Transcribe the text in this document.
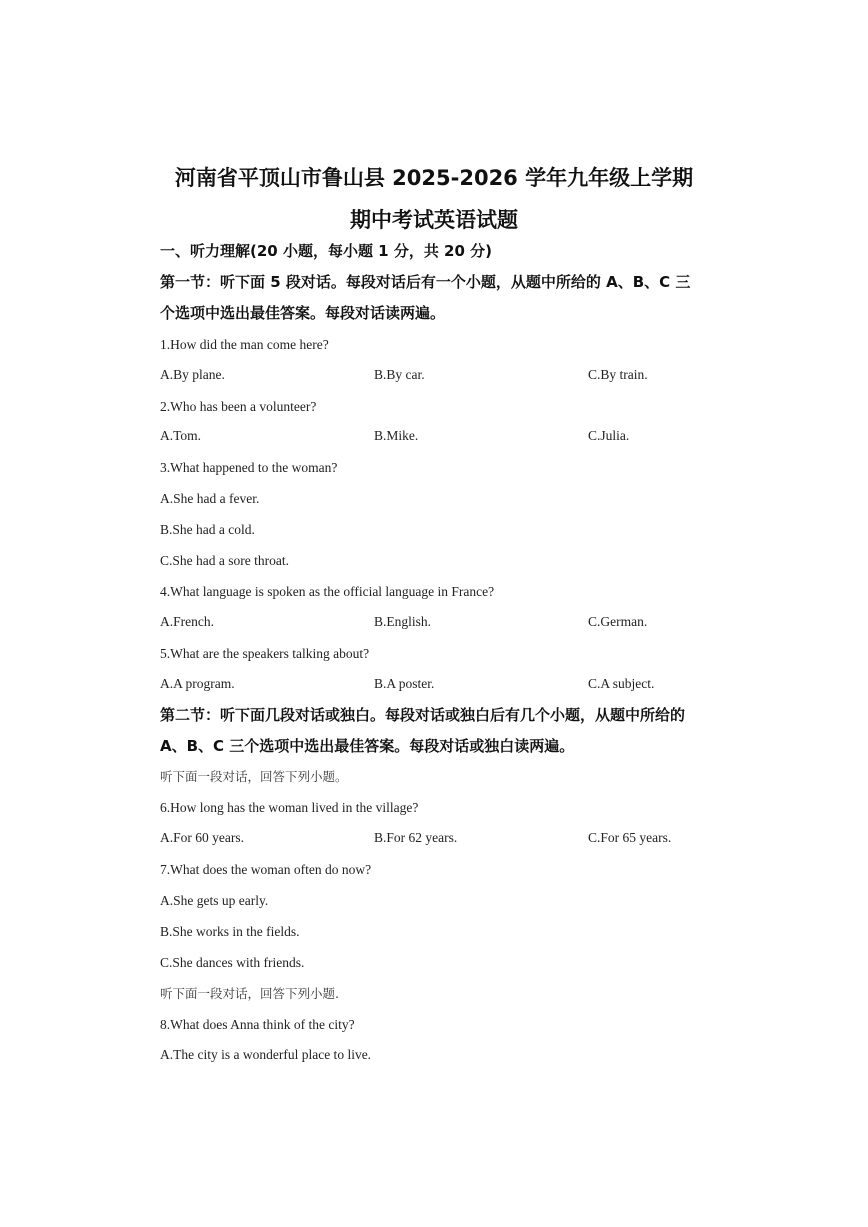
河南省平顶山市鲁山县 2025-2026 学年九年级上学期
期中考试英语试题
一、听力理解(20 小题，每小题 1 分，共 20 分)
第一节：听下面 5 段对话。每段对话后有一个小题，从题中所给的 A、B、C 三
个选项中选出最佳答案。每段对话读两遍。
1.How did the man come here?
A.By plane.	B.By car.	C.By train.
2.Who has been a volunteer?
A.Tom.	B.Mike.	C.Julia.
3.What happened to the woman?
A.She had a fever.
B.She had a cold.
C.She had a sore throat.
4.What language is spoken as the official language in France?
A.French.	B.English.	C.German.
5.What are the speakers talking about?
A.A program.	B.A poster.	C.A subject.
第二节：听下面几段对话或独白。每段对话或独白后有几个小题，从题中所给的
A、B、C 三个选项中选出最佳答案。每段对话或独白读两遍。
听下面一段对话，回答下列小题。
6.How long has the woman lived in the village?
A.For 60 years.	B.For 62 years.	C.For 65 years.
7.What does the woman often do now?
A.She gets up early.
B.She works in the fields.
C.She dances with friends.
听下面一段对话，回答下列小题.
8.What does Anna think of the city?
A.The city is a wonderful place to live.
